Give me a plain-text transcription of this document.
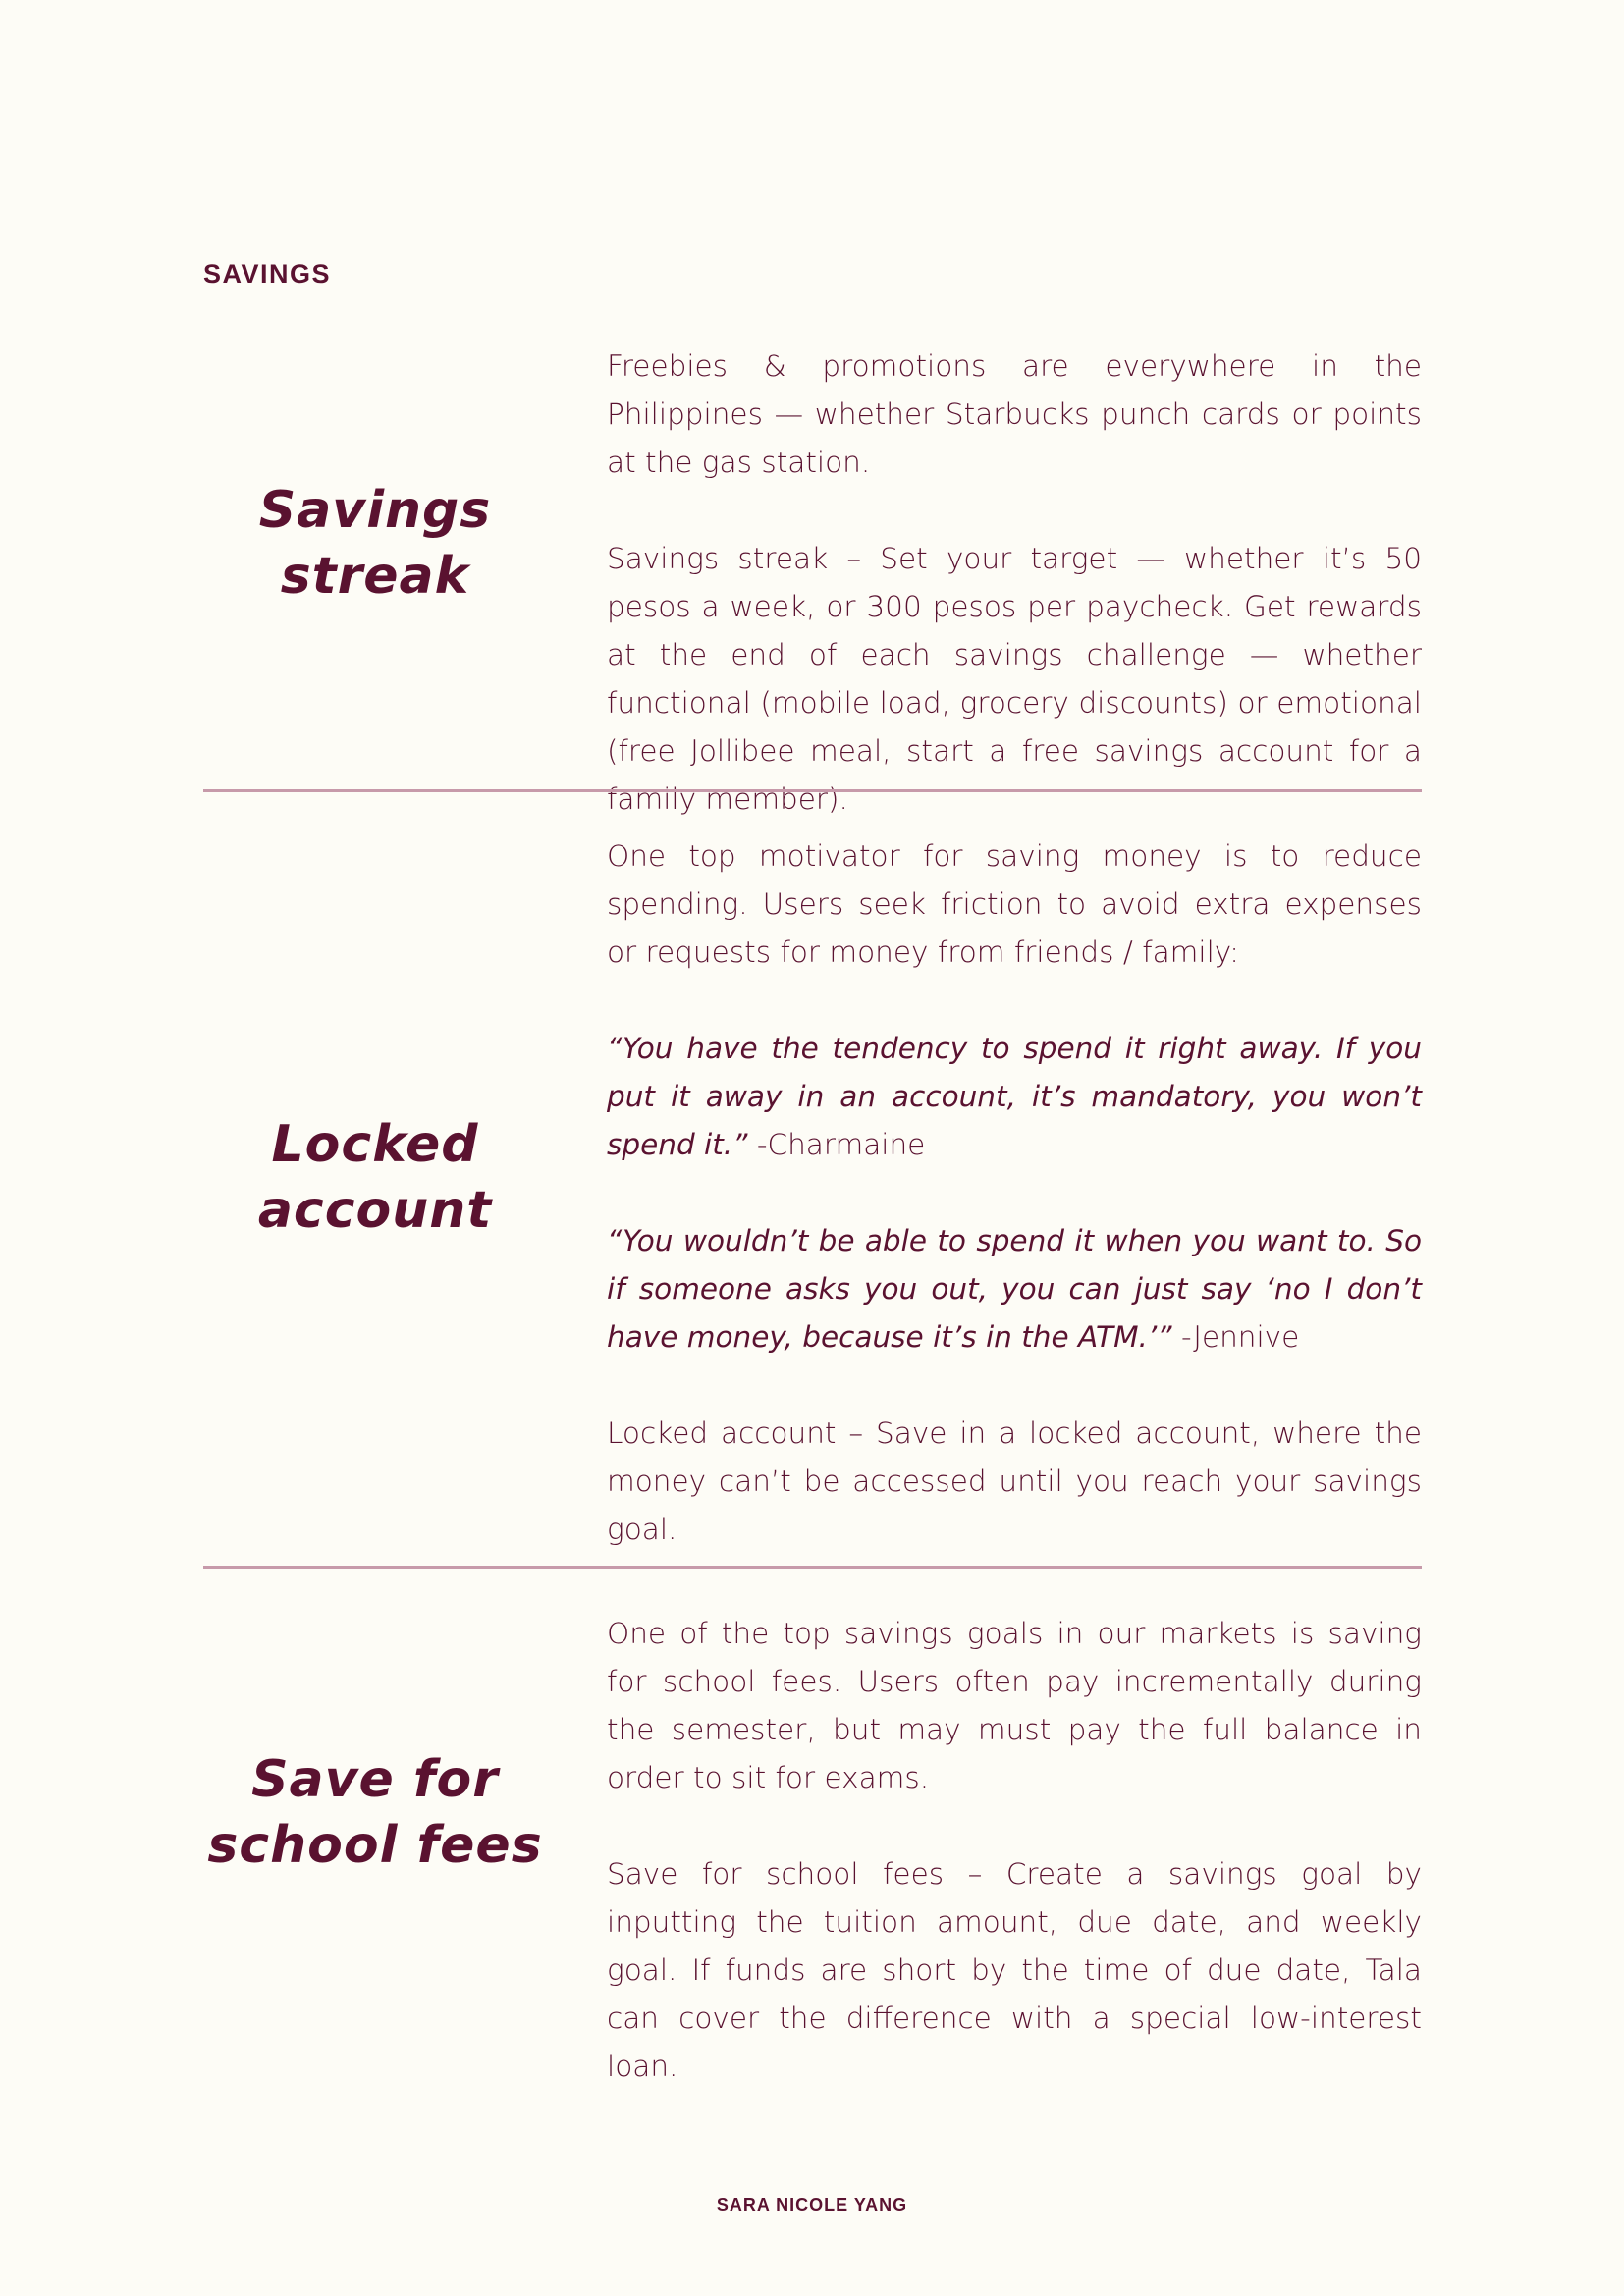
SAVINGS
Savings
streak

Freebies & promotions are everywhere in the Philippines — whether Starbucks punch cards or points at the gas station.

Savings streak – Set your target — whether it’s 50 pesos a week, or 300 pesos per paycheck. Get rewards at the end of each savings challenge — whether functional (mobile load, grocery discounts) or emotional (free Jollibee meal, start a free savings account for a family member).

Locked
account

One top motivator for saving money is to reduce spending. Users seek friction to avoid extra expenses or requests for money from friends / family:

“You have the tendency to spend it right away. If you put it away in an account, it’s mandatory, you won’t spend it.” -Charmaine

“You wouldn’t be able to spend it when you want to. So if someone asks you out, you can just say ‘no I don’t have money, because it’s in the ATM.’” -Jennive

Locked account – Save in a locked account, where the money can’t be accessed until you reach your savings goal.

Save for
school fees

One of the top savings goals in our markets is saving for school fees. Users often pay incrementally during the semester, but may must pay the full balance in order to sit for exams.

Save for school fees – Create a savings goal by inputting the tuition amount, due date, and weekly goal. If funds are short by the time of due date, Tala can cover the difference with a special low-interest loan.

SARA NICOLE YANG
